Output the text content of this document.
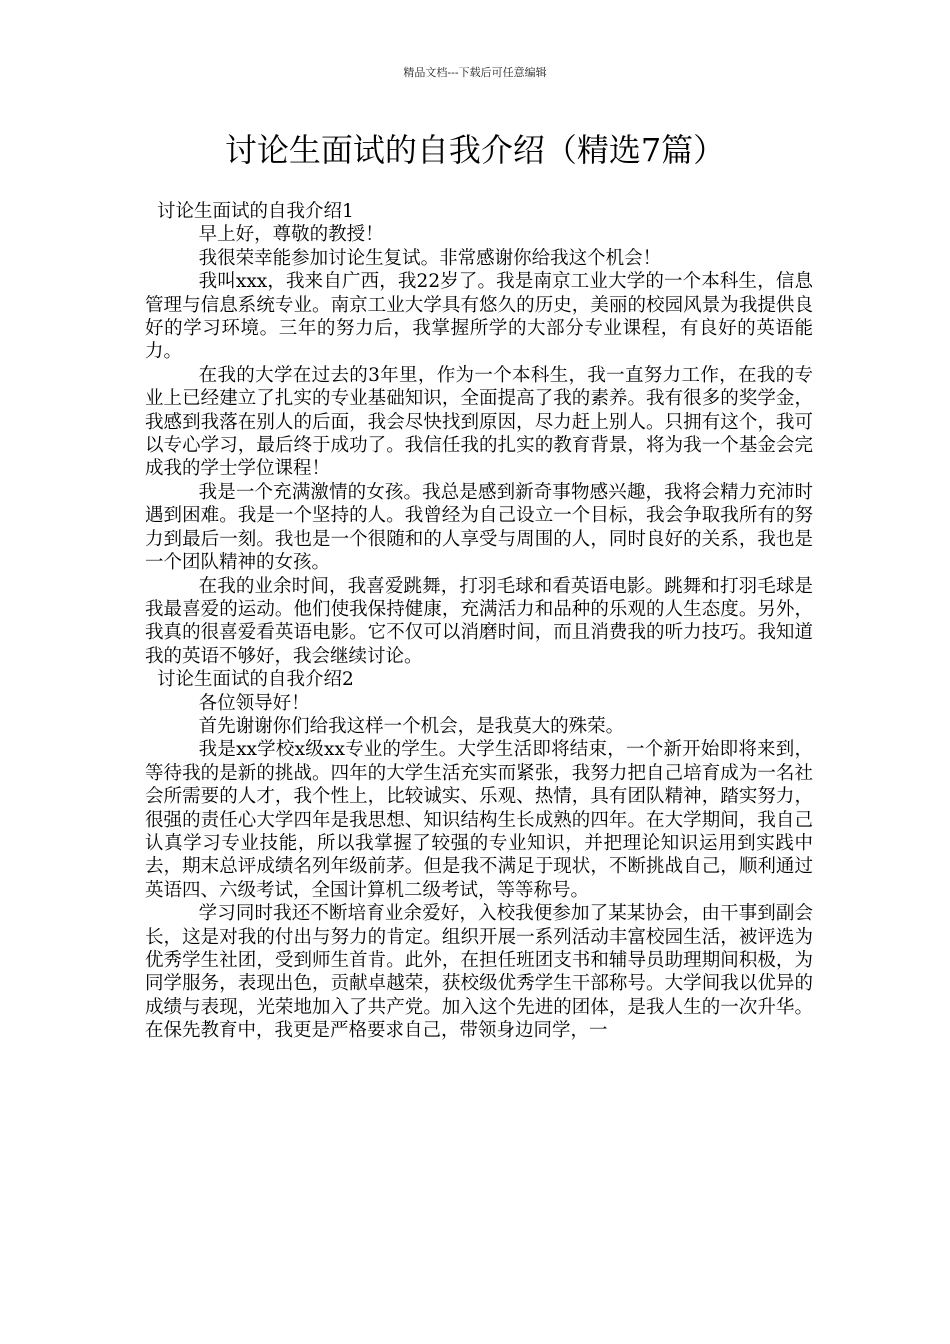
精品文档---下载后可任意编辑
讨论生面试的自我介绍（精选7篇）
讨论生面试的自我介绍1

早上好，尊敬的教授！

我很荣幸能参加讨论生复试。非常感谢你给我这个机会！

我叫xxx，我来自广西，我22岁了。我是南京工业大学的一个本科生，信息管理与信息系统专业。南京工业大学具有悠久的历史，美丽的校园风景为我提供良好的学习环境。三年的努力后，我掌握所学的大部分专业课程，有良好的英语能力。

在我的大学在过去的3年里，作为一个本科生，我一直努力工作，在我的专业上已经建立了扎实的专业基础知识，全面提高了我的素养。我有很多的奖学金，我感到我落在别人的后面，我会尽快找到原因，尽力赶上别人。只拥有这个，我可以专心学习，最后终于成功了。我信任我的扎实的教育背景，将为我一个基金会完成我的学士学位课程！

我是一个充满激情的女孩。我总是感到新奇事物感兴趣，我将会精力充沛时遇到困难。我是一个坚持的人。我曾经为自己设立一个目标，我会争取我所有的努力到最后一刻。我也是一个很随和的人享受与周围的人，同时良好的关系，我也是一个团队精神的女孩。

在我的业余时间，我喜爱跳舞，打羽毛球和看英语电影。跳舞和打羽毛球是我最喜爱的运动。他们使我保持健康，充满活力和品种的乐观的人生态度。另外，我真的很喜爱看英语电影。它不仅可以消磨时间，而且消费我的听力技巧。我知道我的英语不够好，我会继续讨论。

讨论生面试的自我介绍2

各位领导好！

首先谢谢你们给我这样一个机会，是我莫大的殊荣。

我是xx学校x级xx专业的学生。大学生活即将结束，一个新开始即将来到，等待我的是新的挑战。四年的大学生活充实而紧张，我努力把自己培育成为一名社会所需要的人才，我个性上，比较诚实、乐观、热情，具有团队精神，踏实努力，很强的责任心大学四年是我思想、知识结构生长成熟的四年。在大学期间，我自己认真学习专业技能，所以我掌握了较强的专业知识，并把理论知识运用到实践中去，期末总评成绩名列年级前茅。但是我不满足于现状，不断挑战自己，顺利通过英语四、六级考试，全国计算机二级考试，等等称号。

学习同时我还不断培育业余爱好，入校我便参加了某某协会，由干事到副会长，这是对我的付出与努力的肯定。组织开展一系列活动丰富校园生活，被评选为优秀学生社团，受到师生首肯。此外，在担任班团支书和辅导员助理期间积极，为同学服务，表现出色，贡献卓越荣，获校级优秀学生干部称号。大学间我以优异的成绩与表现，光荣地加入了共产党。加入这个先进的团体，是我人生的一次升华。在保先教育中，我更是严格要求自己，带领身边同学，一
